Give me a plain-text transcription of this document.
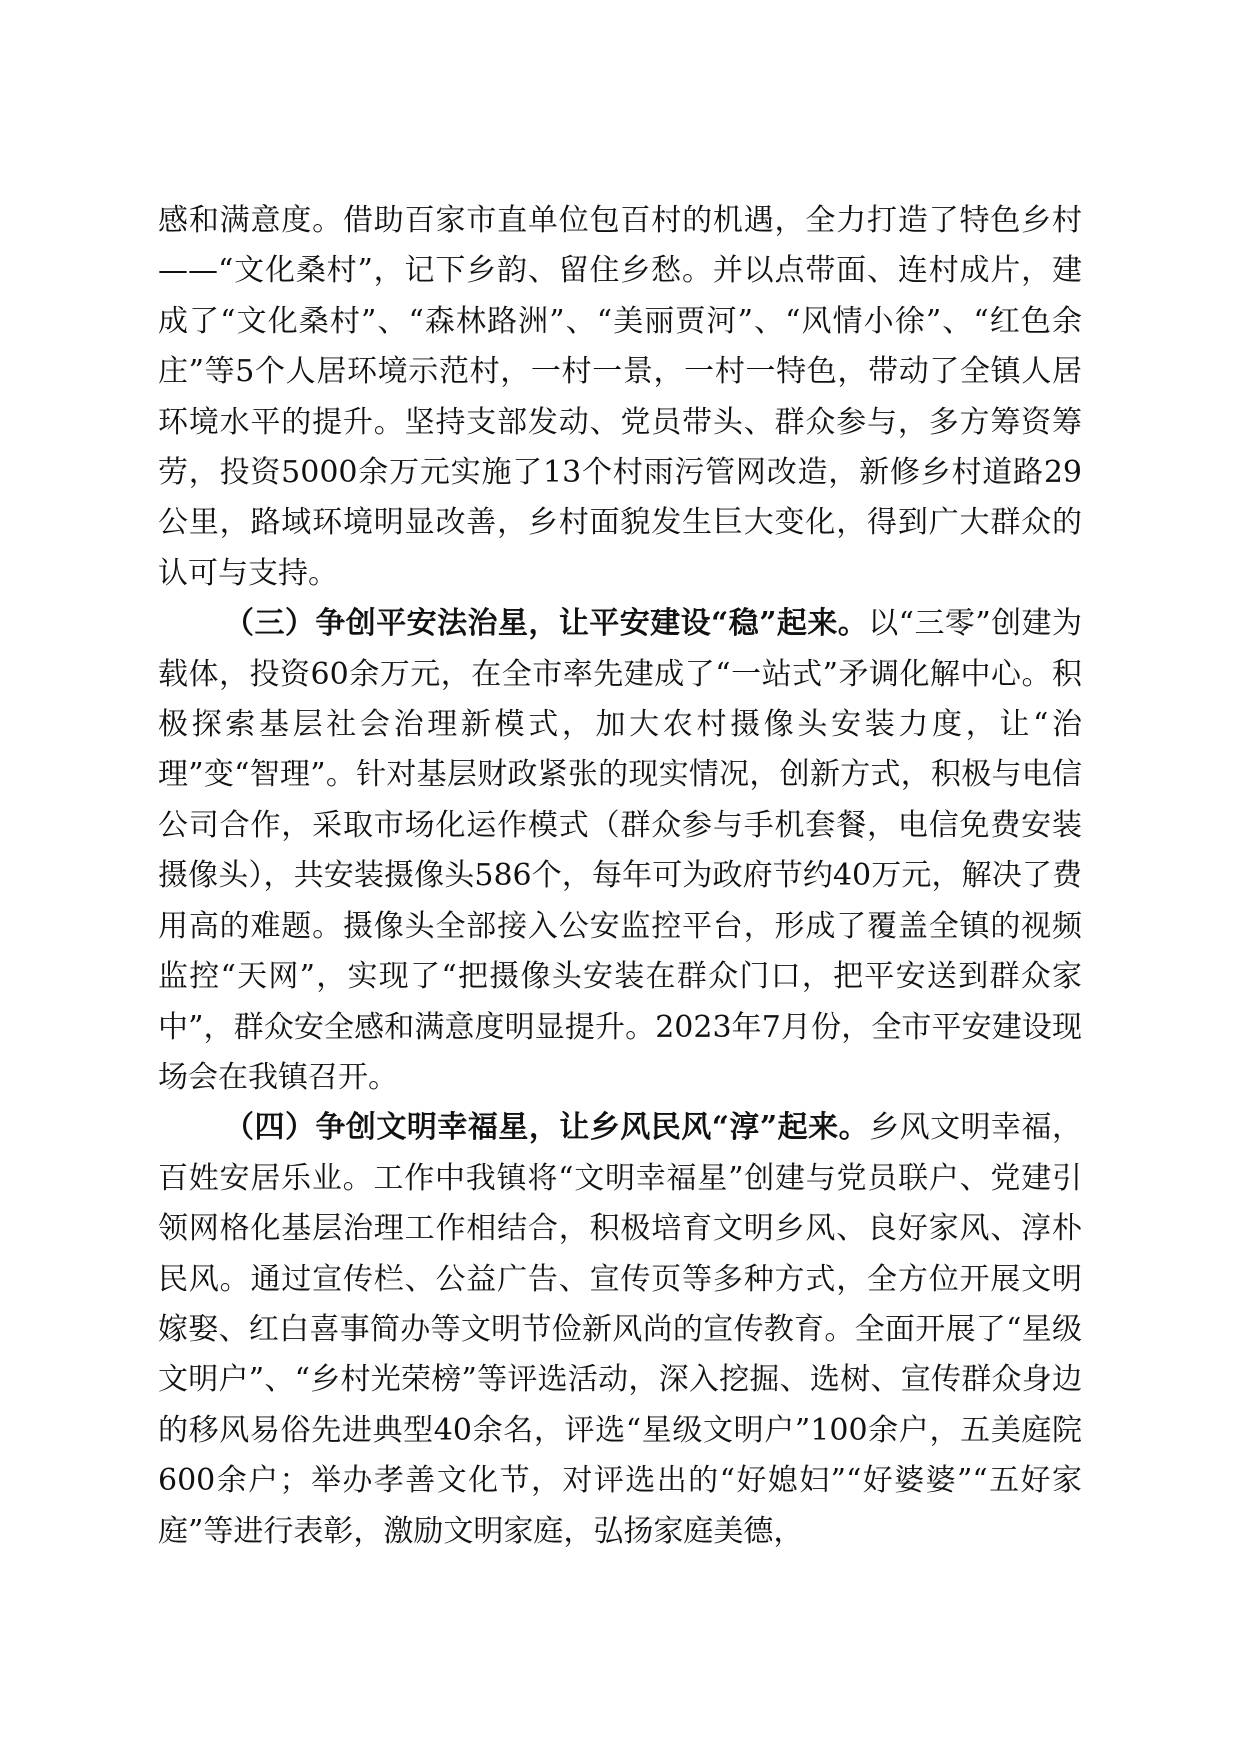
感和满意度。借助百家市直单位包百村的机遇，全力打造了特色乡村——“文化桑村”，记下乡韵、留住乡愁。并以点带面、连村成片，建成了“文化桑村”、“森林路洲”、“美丽贾河”、“风情小徐”、“红色余庄”等5个人居环境示范村，一村一景，一村一特色，带动了全镇人居环境水平的提升。坚持支部发动、党员带头、群众参与，多方筹资筹劳，投资5000余万元实施了13个村雨污管网改造，新修乡村道路29公里，路域环境明显改善，乡村面貌发生巨大变化，得到广大群众的认可与支持。

（三）争创平安法治星，让平安建设“稳”起来。以“三零”创建为载体，投资60余万元，在全市率先建成了“一站式”矛调化解中心。积极探索基层社会治理新模式，加大农村摄像头安装力度，让“治理”变“智理”。针对基层财政紧张的现实情况，创新方式，积极与电信公司合作，采取市场化运作模式（群众参与手机套餐，电信免费安装摄像头），共安装摄像头586个，每年可为政府节约40万元，解决了费用高的难题。摄像头全部接入公安监控平台，形成了覆盖全镇的视频监控“天网”，实现了“把摄像头安装在群众门口，把平安送到群众家中”，群众安全感和满意度明显提升。2023年7月份，全市平安建设现场会在我镇召开。

（四）争创文明幸福星，让乡风民风“淳”起来。乡风文明幸福，百姓安居乐业。工作中我镇将“文明幸福星”创建与党员联户、党建引领网格化基层治理工作相结合，积极培育文明乡风、良好家风、淳朴民风。通过宣传栏、公益广告、宣传页等多种方式，全方位开展文明嫁娶、红白喜事简办等文明节俭新风尚的宣传教育。全面开展了“星级文明户”、“乡村光荣榜”等评选活动，深入挖掘、选树、宣传群众身边的移风易俗先进典型40余名，评选“星级文明户”100余户，五美庭院600余户；举办孝善文化节，对评选出的“好媳妇”“好婆婆”“五好家庭”等进行表彰，激励文明家庭，弘扬家庭美德，
